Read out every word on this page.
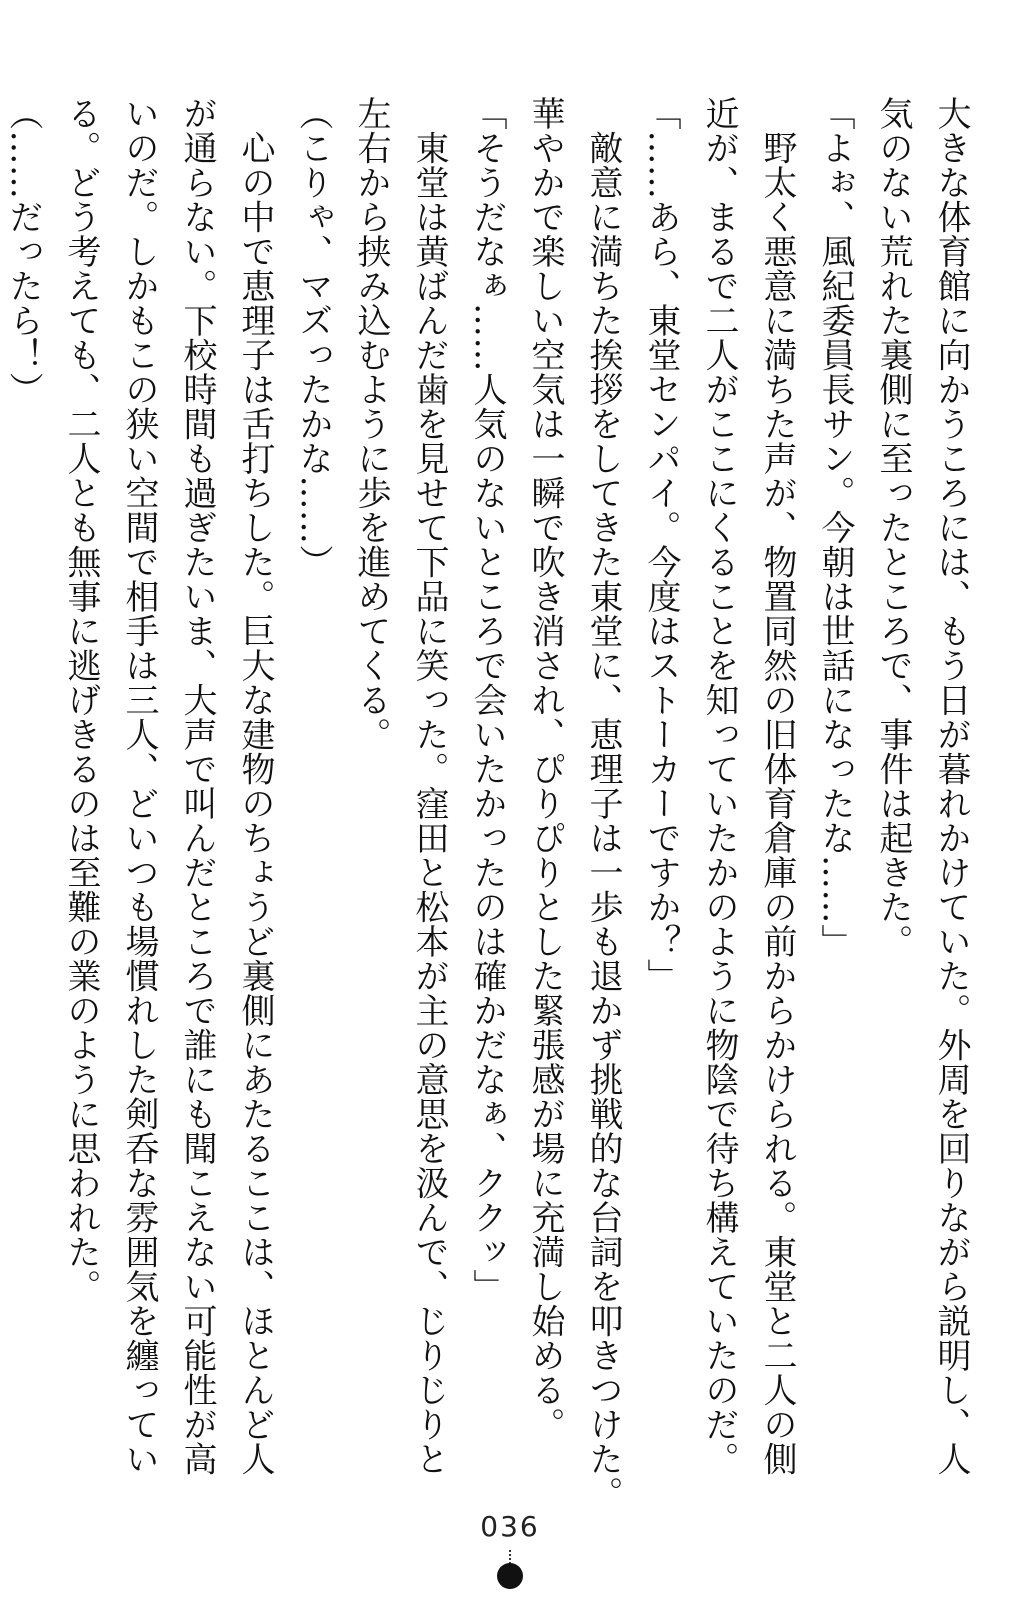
大きな体育館に向かうころには、もう日が暮れかけていた。外周を回りながら説明し、人
気のない荒れた裏側に至ったところで、事件は起きた。
「よぉ、風紀委員長サン。今朝は世話になったな……」
　野太く悪意に満ちた声が、物置同然の旧体育倉庫の前からかけられる。東堂と二人の側
近が、まるで二人がここにくることを知っていたかのように物陰で待ち構えていたのだ。
「……あら、東堂センパイ。今度はストーカーですか？」
　敵意に満ちた挨拶をしてきた東堂に、恵理子は一歩も退かず挑戦的な台詞を叩きつけた。
華やかで楽しい空気は一瞬で吹き消され、ぴりぴりとした緊張感が場に充満し始める。
「そうだなぁ……人気のないところで会いたかったのは確かだなぁ、ククッ」
　東堂は黄ばんだ歯を見せて下品に笑った。窪田と松本が主の意思を汲んで、じりじりと
左右から挟み込むように歩を進めてくる。
（こりゃ、マズったかな……）
　心の中で恵理子は舌打ちした。巨大な建物のちょうど裏側にあたるここは、ほとんど人
が通らない。下校時間も過ぎたいま、大声で叫んだところで誰にも聞こえない可能性が高
いのだ。しかもこの狭い空間で相手は三人、どいつも場慣れした剣呑な雰囲気を纏ってい
る。どう考えても、二人とも無事に逃げきるのは至難の業のように思われた。
（……だったら！）
036
